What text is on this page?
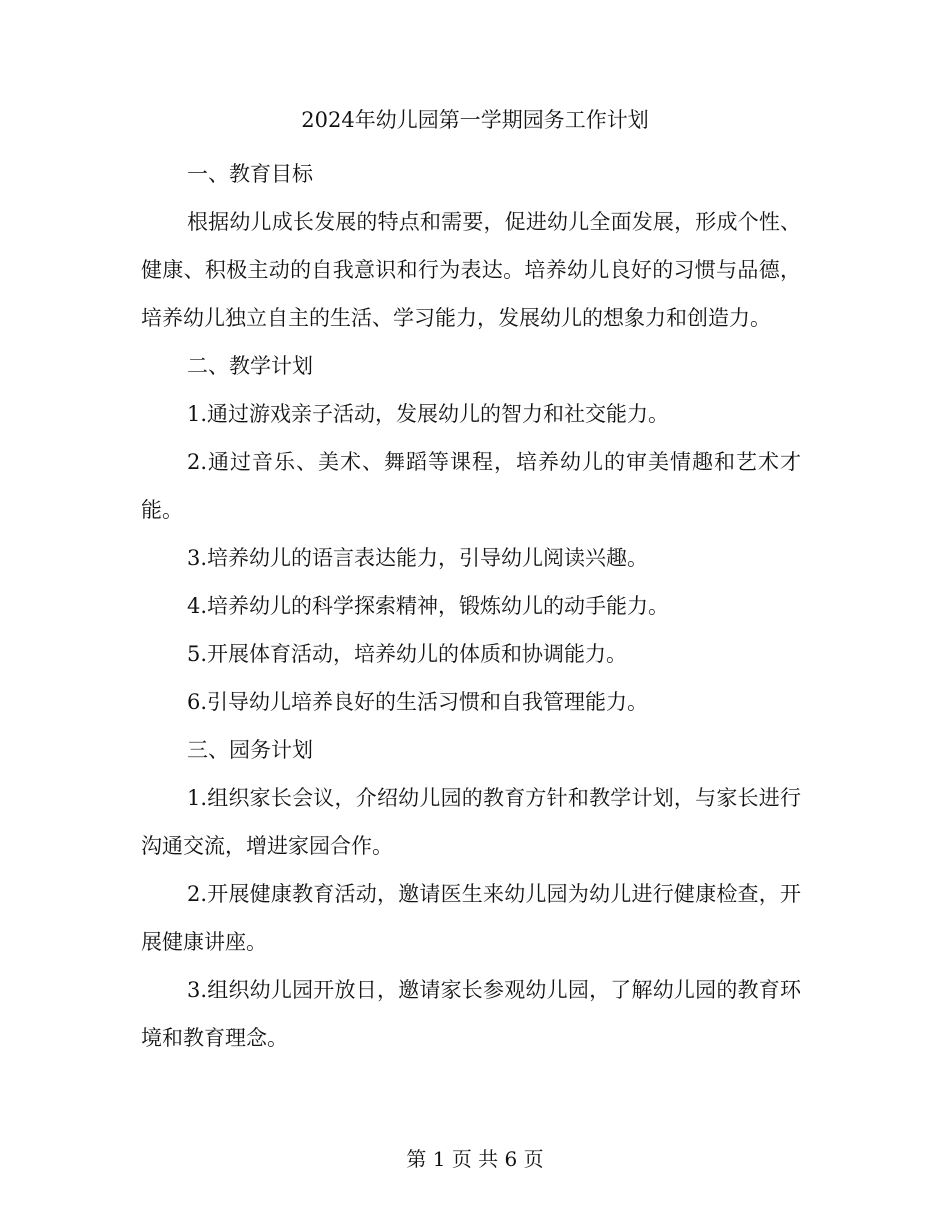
2024年幼儿园第一学期园务工作计划

一、教育目标

根据幼儿成长发展的特点和需要，促进幼儿全面发展，形成个性、健康、积极主动的自我意识和行为表达。培养幼儿良好的习惯与品德，培养幼儿独立自主的生活、学习能力，发展幼儿的想象力和创造力。

二、教学计划

1.通过游戏亲子活动，发展幼儿的智力和社交能力。

2.通过音乐、美术、舞蹈等课程，培养幼儿的审美情趣和艺术才能。

3.培养幼儿的语言表达能力，引导幼儿阅读兴趣。

4.培养幼儿的科学探索精神，锻炼幼儿的动手能力。

5.开展体育活动，培养幼儿的体质和协调能力。

6.引导幼儿培养良好的生活习惯和自我管理能力。

三、园务计划

1.组织家长会议，介绍幼儿园的教育方针和教学计划，与家长进行沟通交流，增进家园合作。

2.开展健康教育活动，邀请医生来幼儿园为幼儿进行健康检查，开展健康讲座。

3.组织幼儿园开放日，邀请家长参观幼儿园，了解幼儿园的教育环境和教育理念。

第 1 页 共 6 页
